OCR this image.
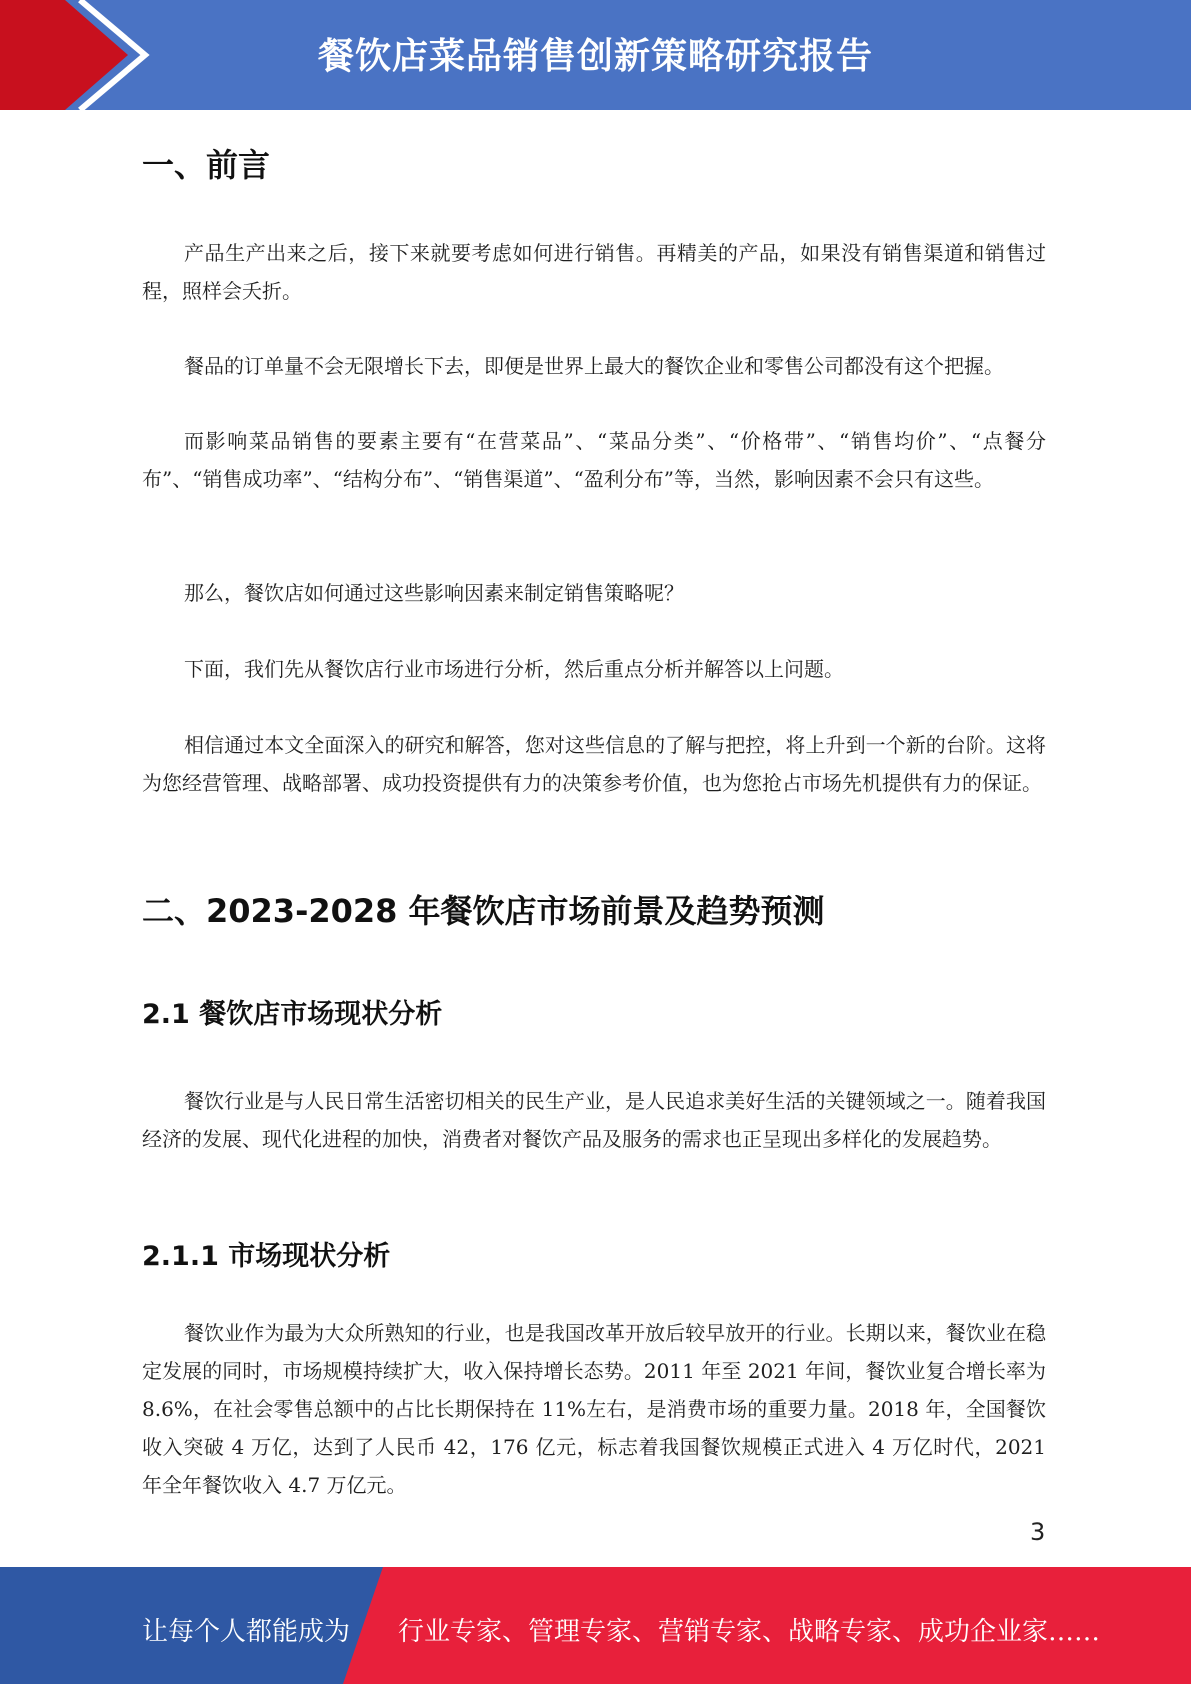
餐饮店菜品销售创新策略研究报告
一、前言

产品生产出来之后，接下来就要考虑如何进行销售。再精美的产品，如果没有销售渠道和销售过程，照样会夭折。

餐品的订单量不会无限增长下去，即便是世界上最大的餐饮企业和零售公司都没有这个把握。

而影响菜品销售的要素主要有“在营菜品”、“菜品分类”、“价格带”、“销售均价”、“点餐分布”、“销售成功率”、“结构分布”、“销售渠道”、“盈利分布”等，当然，影响因素不会只有这些。

那么，餐饮店如何通过这些影响因素来制定销售策略呢？

下面，我们先从餐饮店行业市场进行分析，然后重点分析并解答以上问题。

相信通过本文全面深入的研究和解答，您对这些信息的了解与把控，将上升到一个新的台阶。这将为您经营管理、战略部署、成功投资提供有力的决策参考价值，也为您抢占市场先机提供有力的保证。

二、2023-2028 年餐饮店市场前景及趋势预测
2.1 餐饮店市场现状分析

餐饮行业是与人民日常生活密切相关的民生产业，是人民追求美好生活的关键领域之一。随着我国经济的发展、现代化进程的加快，消费者对餐饮产品及服务的需求也正呈现出多样化的发展趋势。

2.1.1 市场现状分析

餐饮业作为最为大众所熟知的行业，也是我国改革开放后较早放开的行业。长期以来，餐饮业在稳定发展的同时，市场规模持续扩大，收入保持增长态势。2011 年至 2021 年间，餐饮业复合增长率为 8.6%，在社会零售总额中的占比长期保持在 11%左右，是消费市场的重要力量。2018 年，全国餐饮收入突破 4 万亿，达到了人民币 42，176 亿元，标志着我国餐饮规模正式进入 4 万亿时代，2021 年全年餐饮收入 4.7 万亿元。

3
让每个人都能成为 行业专家、管理专家、营销专家、战略专家、成功企业家……
